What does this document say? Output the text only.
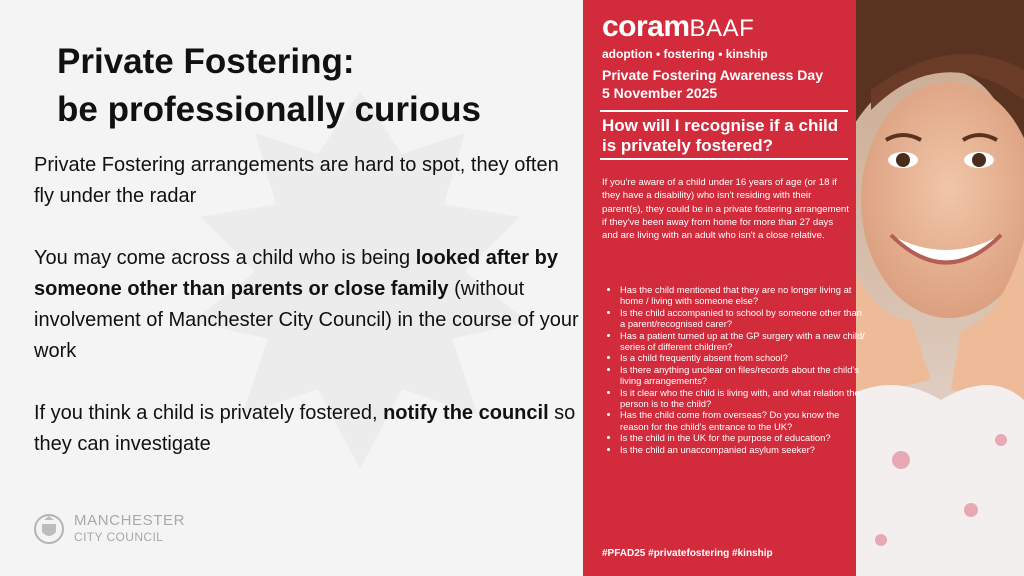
Private Fostering:
be professionally curious

Private Fostering arrangements are hard to spot, they often fly under the radar

You may come across a child who is being looked after by someone other than parents or close family (without involvement of Manchester City Council) in the course of your work

If you think a child is privately fostered, notify the council so they can investigate

MANCHESTER
CITY COUNCIL
coramBAAF
adoption • fostering • kinship
Private Fostering Awareness Day
5 November 2025
How will I recognise if a child is privately fostered?
If you're aware of a child under 16 years of age (or 18 if they have a disability) who isn't residing with their parent(s), they could be in a private fostering arrangement if they've been away from home for more than 27 days and are living with an adult who isn't a close relative.
• Has the child mentioned that they are no longer living at home / living with someone else?
• Is the child accompanied to school by someone other than a parent/recognised carer?
• Has a patient turned up at the GP surgery with a new child/ series of different children?
• Is a child frequently absent from school?
• Is there anything unclear on files/records about the child's living arrangements?
• Is it clear who the child is living with, and what relation the person is to the child?
• Has the child come from overseas? Do you know the reason for the child's entrance to the UK?
• Is the child in the UK for the purpose of education?
• Is the child an unaccompanied asylum seeker?
#PFAD25 #privatefostering #kinship
